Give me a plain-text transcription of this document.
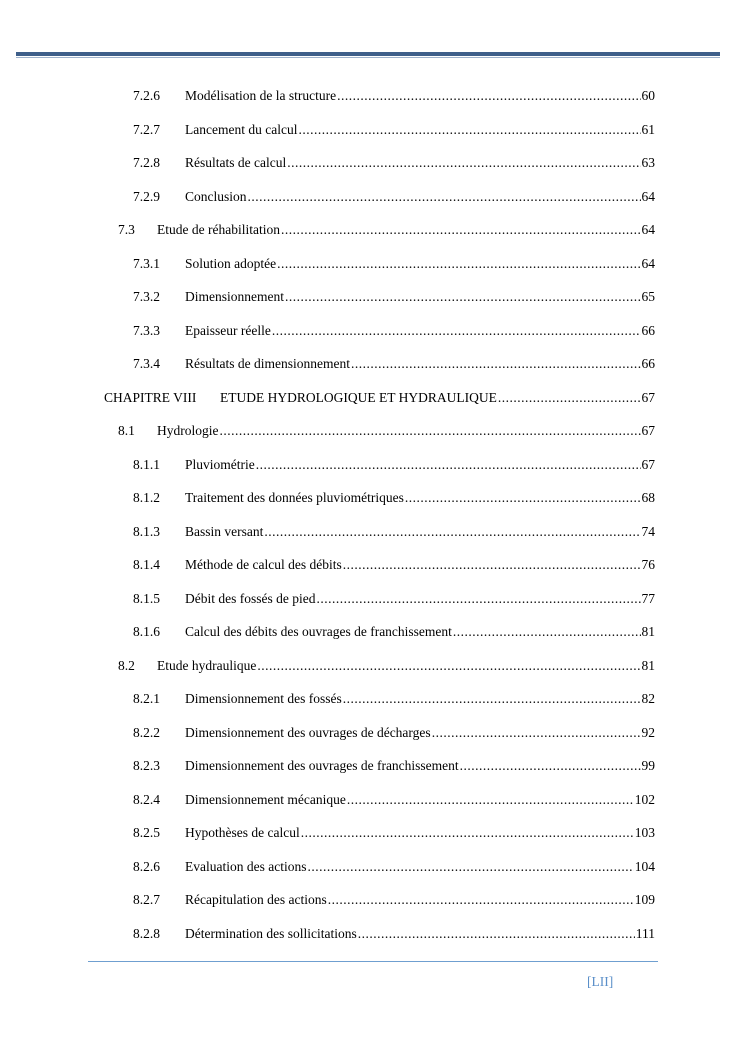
7.2.6	Modélisation de la structure .....	60
7.2.7	Lancement du calcul .....	61
7.2.8	Résultats de calcul .....	63
7.2.9	Conclusion .....	64
7.3	Etude de réhabilitation .....	64
7.3.1	Solution adoptée .....	64
7.3.2	Dimensionnement .....	65
7.3.3	Epaisseur réelle .....	66
7.3.4	Résultats de dimensionnement .....	66
CHAPITRE VIII	ETUDE HYDROLOGIQUE ET HYDRAULIQUE .....	67
8.1	Hydrologie .....	67
8.1.1	Pluviométrie .....	67
8.1.2	Traitement des données pluviométriques .....	68
8.1.3	Bassin versant .....	74
8.1.4	Méthode de calcul des débits .....	76
8.1.5	Débit des fossés de pied .....	77
8.1.6	Calcul des débits des ouvrages de franchissement .....	81
8.2	Etude hydraulique .....	81
8.2.1	Dimensionnement des fossés .....	82
8.2.2	Dimensionnement des ouvrages de décharges .....	92
8.2.3	Dimensionnement des ouvrages de franchissement .....	99
8.2.4	Dimensionnement mécanique .....	102
8.2.5	Hypothèses de calcul .....	103
8.2.6	Evaluation des actions .....	104
8.2.7	Récapitulation des actions .....	109
8.2.8	Détermination des sollicitations .....	111
[LII]
